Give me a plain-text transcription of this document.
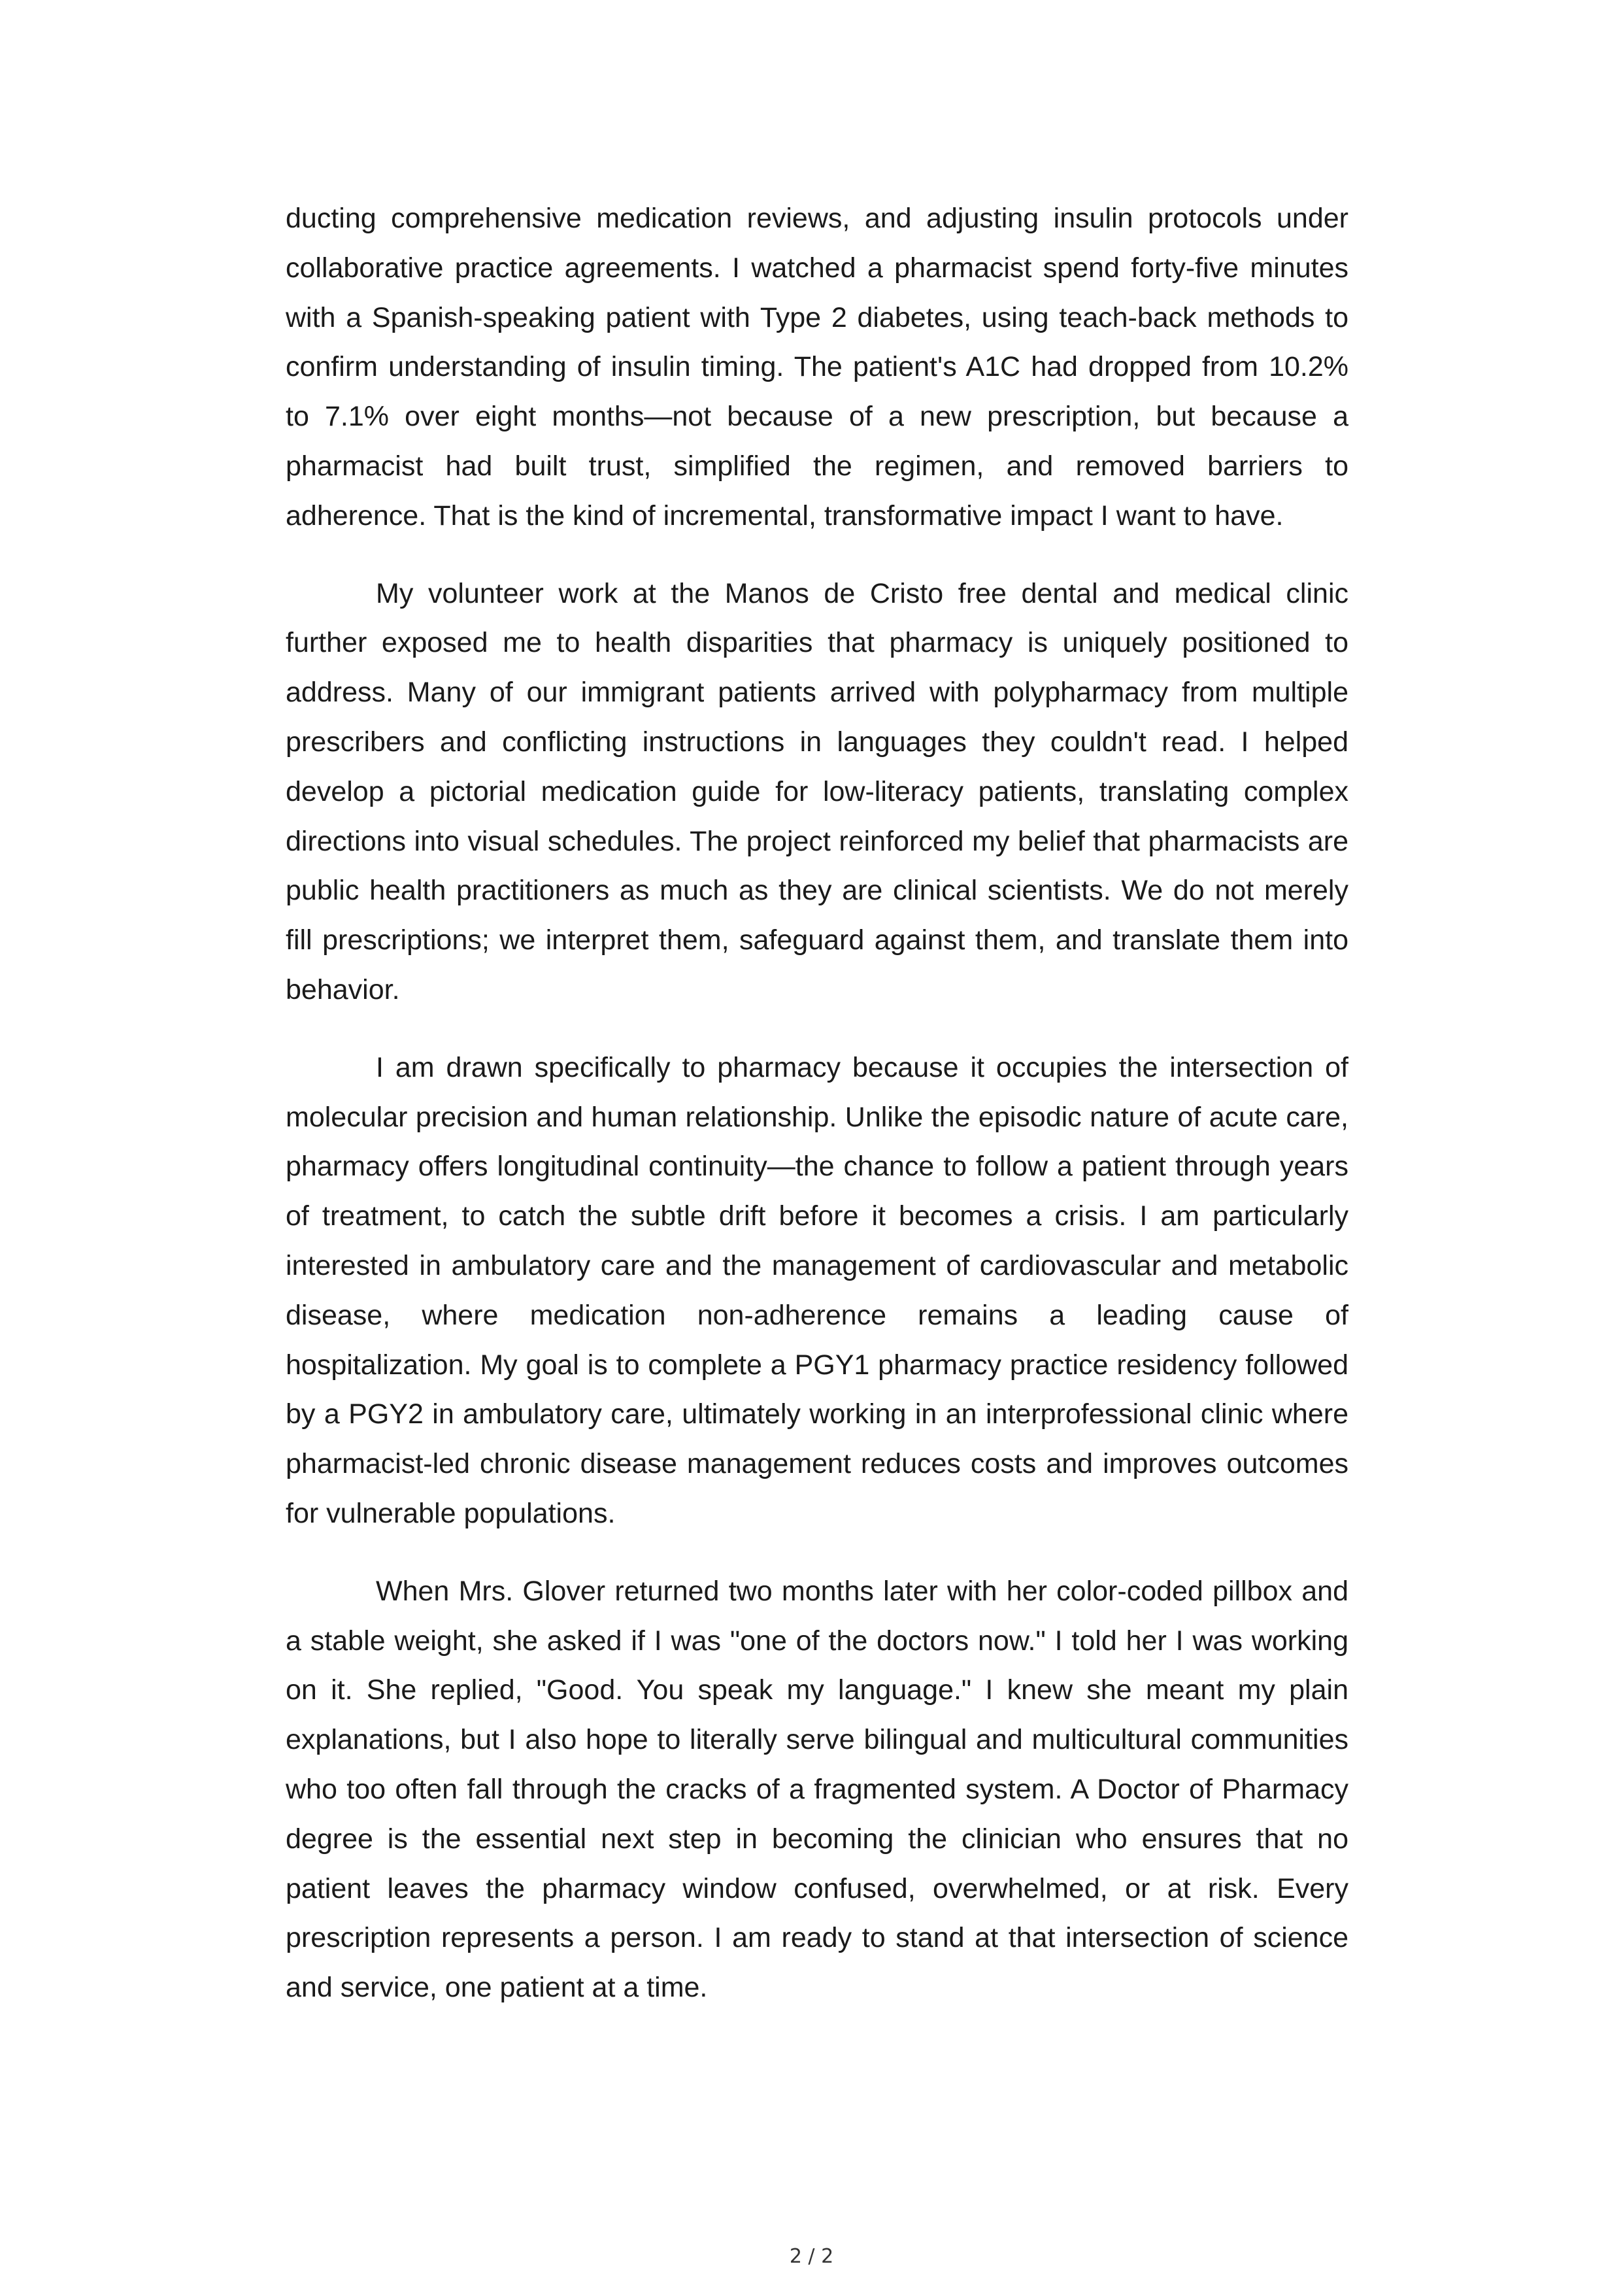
ducting comprehensive medication reviews, and adjusting insulin protocols under collaborative practice agreements. I watched a pharmacist spend forty-five minutes with a Spanish-speaking patient with Type 2 diabetes, using teach-back methods to confirm understanding of insulin timing. The patient's A1C had dropped from 10.2% to 7.1% over eight months—not because of a new prescription, but because a pharmacist had built trust, simplified the regimen, and removed barriers to adherence. That is the kind of incremental, transformative impact I want to have.

My volunteer work at the Manos de Cristo free dental and medical clinic further exposed me to health disparities that pharmacy is uniquely positioned to address. Many of our immigrant patients arrived with polypharmacy from multiple prescribers and conflicting instructions in languages they couldn't read. I helped develop a pictorial medication guide for low-literacy patients, translating complex directions into visual schedules. The project reinforced my belief that pharmacists are public health practitioners as much as they are clinical scientists. We do not merely fill prescriptions; we interpret them, safeguard against them, and translate them into behavior.

I am drawn specifically to pharmacy because it occupies the intersection of molecular precision and human relationship. Unlike the episodic nature of acute care, pharmacy offers longitudinal continuity—the chance to follow a patient through years of treatment, to catch the subtle drift before it becomes a crisis. I am particularly interested in ambulatory care and the management of cardiovascular and metabolic disease, where medication non-adherence remains a leading cause of hospitalization. My goal is to complete a PGY1 pharmacy practice residency followed by a PGY2 in ambulatory care, ultimately working in an interprofessional clinic where pharmacist-led chronic disease management reduces costs and improves outcomes for vulnerable populations.

When Mrs. Glover returned two months later with her color-coded pillbox and a stable weight, she asked if I was "one of the doctors now." I told her I was working on it. She replied, "Good. You speak my language." I knew she meant my plain explanations, but I also hope to literally serve bilingual and multicultural communities who too often fall through the cracks of a fragmented system. A Doctor of Pharmacy degree is the essential next step in becoming the clinician who ensures that no patient leaves the pharmacy window confused, overwhelmed, or at risk. Every prescription represents a person. I am ready to stand at that intersection of science and service, one patient at a time.

2 / 2
